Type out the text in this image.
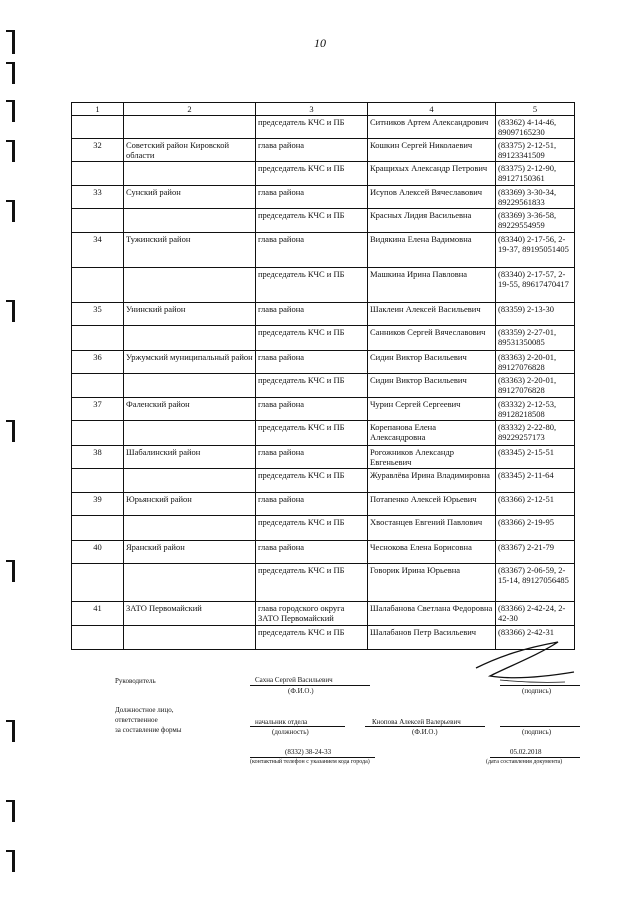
10
1	2	3	4	5
		председатель КЧС и ПБ	Ситников Артем Александрович	(83362) 4-14-46, 89097165230
32	Советский район Кировской области	глава района	Кошкин Сергей Николаевич	(83375) 2-12-51, 89123341509
		председатель КЧС и ПБ	Кращихых Александр Петрович	(83375) 2-12-90, 89127150361
33	Сунский район	глава района	Исупов Алексей Вячеславович	(83369) 3-30-34, 89229561833
		председатель КЧС и ПБ	Красных Лидия Васильевна	(83369) 3-36-58, 89229554959
34	Тужинский район	глава района	Видякина Елена Вадимовна	(83340) 2-17-56, 2-19-37, 89195051405
		председатель КЧС и ПБ	Машкина Ирина Павловна	(83340) 2-17-57, 2-19-55, 89617470417
35	Унинский район	глава района	Шаклеин Алексей Васильевич	(83359) 2-13-30
		председатель КЧС и ПБ	Санников Сергей Вячеславович	(83359) 2-27-01, 89531350085
36	Уржумский муниципальный район	глава района	Сидин Виктор Васильевич	(83363) 2-20-01, 89127076828
		председатель КЧС и ПБ	Сидин Виктор Васильевич	(83363) 2-20-01, 89127076828
37	Фаленский район	глава района	Чурин Сергей Сергеевич	(83332) 2-12-53, 89128218508
		председатель КЧС и ПБ	Корепанова Елена Александровна	(83332) 2-22-80, 89229257173
38	Шабалинский район	глава района	Рогожников Александр Евгеньевич	(83345) 2-15-51
		председатель КЧС и ПБ	Журавлёва Ирина Владимировна	(83345) 2-11-64
39	Юрьянский район	глава района	Потапенко Алексей Юрьевич	(83366) 2-12-51
		председатель КЧС и ПБ	Хвостанцев Евгений Павлович	(83366) 2-19-95
40	Яранский район	глава района	Чесноковa Елена Борисовна	(83367) 2-21-79
		председатель КЧС и ПБ	Говорик Ирина Юрьевна	(83367) 2-06-59, 2-15-14, 89127056485
41	ЗАТО Первомайский	глава городского округа ЗАТО Первомайский	Шалабанова Светлана Федоровна	(83366) 2-42-24, 2-42-30
		председатель КЧС и ПБ	Шалабанов Петр Васильевич	(83366) 2-42-31
Руководитель	Сахна Сергей Васильевич
(Ф.И.О.)	(подпись)
Должностное лицо,
ответственное
за составление формы
начальник отдела
(должность)
Кнопова Алексей Валерьевич
(Ф.И.О.)	(подпись)
(8332) 38-24-33
(контактный телефон с указанием кода города)
05.02.2018
(дата составления документа)
